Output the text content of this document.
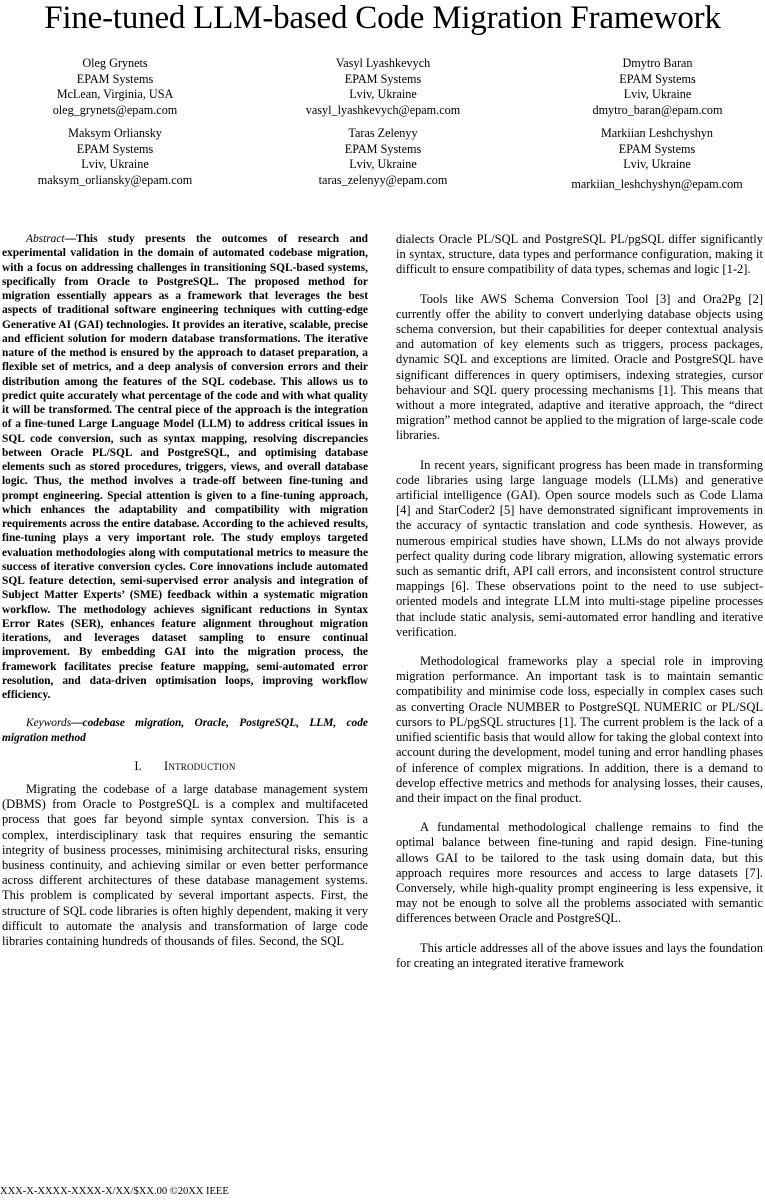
Fine-tuned LLM-based Code Migration Framework
Oleg Grynets
EPAM Systems
McLean, Virginia, USA
oleg_grynets@epam.com
Vasyl Lyashkevych
EPAM Systems
Lviv, Ukraine
vasyl_lyashkevych@epam.com
Dmytro Baran
EPAM Systems
Lviv, Ukraine
dmytro_baran@epam.com
Maksym Orliansky
EPAM Systems
Lviv, Ukraine
maksym_orliansky@epam.com
Taras Zelenyy
EPAM Systems
Lviv, Ukraine
taras_zelenyy@epam.com
Markiian Leshchyshyn
EPAM Systems
Lviv, Ukraine
markiian_leshchyshyn@epam.com

Abstract—This study presents the outcomes of research and experimental validation in the domain of automated codebase migration, with a focus on addressing challenges in transitioning SQL-based systems, specifically from Oracle to PostgreSQL. The proposed method for migration essentially appears as a framework that leverages the best aspects of traditional software engineering techniques with cutting-edge Generative AI (GAI) technologies. It provides an iterative, scalable, precise and efficient solution for modern database transformations. The iterative nature of the method is ensured by the approach to dataset preparation, a flexible set of metrics, and a deep analysis of conversion errors and their distribution among the features of the SQL codebase. This allows us to predict quite accurately what percentage of the code and with what quality it will be transformed. The central piece of the approach is the integration of a fine-tuned Large Language Model (LLM) to address critical issues in SQL code conversion, such as syntax mapping, resolving discrepancies between Oracle PL/SQL and PostgreSQL, and optimising database elements such as stored procedures, triggers, views, and overall database logic. Thus, the method involves a trade-off between fine-tuning and prompt engineering. Special attention is given to a fine-tuning approach, which enhances the adaptability and compatibility with migration requirements across the entire database. According to the achieved results, fine-tuning plays a very important role. The study employs targeted evaluation methodologies along with computational metrics to measure the success of iterative conversion cycles. Core innovations include automated SQL feature detection, semi-supervised error analysis and integration of Subject Matter Experts’ (SME) feedback within a systematic migration workflow. The methodology achieves significant reductions in Syntax Error Rates (SER), enhances feature alignment throughout migration iterations, and leverages dataset sampling to ensure continual improvement. By embedding GAI into the migration process, the framework facilitates precise feature mapping, semi-automated error resolution, and data-driven optimisation loops, improving workflow efficiency.

Keywords—codebase migration, Oracle, PostgreSQL, LLM, code migration method

I. Introduction

Migrating the codebase of a large database management system (DBMS) from Oracle to PostgreSQL is a complex and multifaceted process that goes far beyond simple syntax conversion. This is a complex, interdisciplinary task that requires ensuring the semantic integrity of business processes, minimising architectural risks, ensuring business continuity, and achieving similar or even better performance across different architectures of these database management systems. This problem is complicated by several important aspects. First, the structure of SQL code libraries is often highly dependent, making it very difficult to automate the analysis and transformation of large code libraries containing hundreds of thousands of files. Second, the SQL

dialects Oracle PL/SQL and PostgreSQL PL/pgSQL differ significantly in syntax, structure, data types and performance configuration, making it difficult to ensure compatibility of data types, schemas and logic [1-2].

Tools like AWS Schema Conversion Tool [3] and Ora2Pg [2] currently offer the ability to convert underlying database objects using schema conversion, but their capabilities for deeper contextual analysis and automation of key elements such as triggers, process packages, dynamic SQL and exceptions are limited. Oracle and PostgreSQL have significant differences in query optimisers, indexing strategies, cursor behaviour and SQL query processing mechanisms [1]. This means that without a more integrated, adaptive and iterative approach, the “direct migration” method cannot be applied to the migration of large-scale code libraries.

In recent years, significant progress has been made in transforming code libraries using large language models (LLMs) and generative artificial intelligence (GAI). Open source models such as Code Llama [4] and StarCoder2 [5] have demonstrated significant improvements in the accuracy of syntactic translation and code synthesis. However, as numerous empirical studies have shown, LLMs do not always provide perfect quality during code library migration, allowing systematic errors such as semantic drift, API call errors, and inconsistent control structure mappings [6]. These observations point to the need to use subject-oriented models and integrate LLM into multi-stage pipeline processes that include static analysis, semi-automated error handling and iterative verification.

Methodological frameworks play a special role in improving migration performance. An important task is to maintain semantic compatibility and minimise code loss, especially in complex cases such as converting Oracle NUMBER to PostgreSQL NUMERIC or PL/SQL cursors to PL/pgSQL structures [1]. The current problem is the lack of a unified scientific basis that would allow for taking the global context into account during the development, model tuning and error handling phases of inference of complex migrations. In addition, there is a demand to develop effective metrics and methods for analysing losses, their causes, and their impact on the final product.

A fundamental methodological challenge remains to find the optimal balance between fine-tuning and rapid design. Fine-tuning allows GAI to be tailored to the task using domain data, but this approach requires more resources and access to large datasets [7]. Conversely, while high-quality prompt engineering is less expensive, it may not be enough to solve all the problems associated with semantic differences between Oracle and PostgreSQL.

This article addresses all of the above issues and lays the foundation for creating an integrated iterative framework

XXX-X-XXXX-XXXX-X/XX/$XX.00 ©20XX IEEE
